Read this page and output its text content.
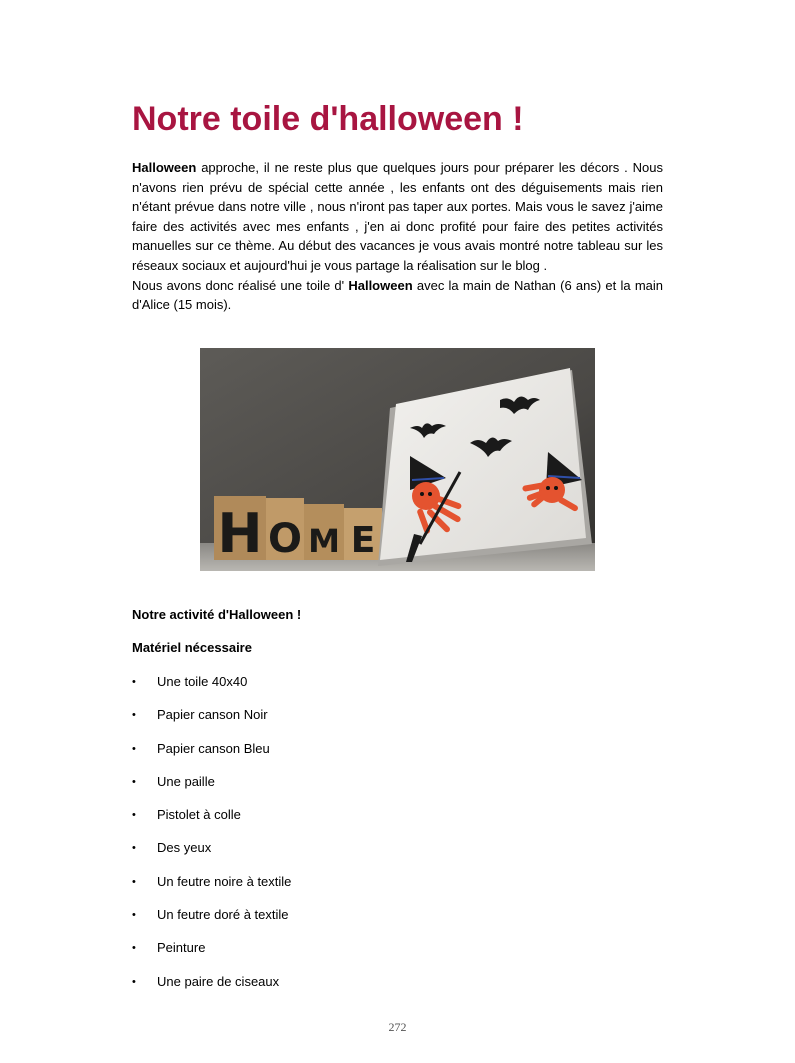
Notre toile d'halloween !

Halloween approche, il ne reste plus que quelques jours pour préparer les décors . Nous n'avons rien prévu de spécial cette année , les enfants ont des déguisements mais rien n'étant prévue dans notre ville , nous n'iront pas taper aux portes. Mais vous le savez j'aime faire des activités avec mes enfants , j'en ai donc profité pour faire des petites activités manuelles sur ce thème. Au début des vacances je vous avais montré notre tableau sur les réseaux sociaux et aujourd'hui je vous partage la réalisation sur le blog .

Nous avons donc réalisé une toile d' Halloween avec la main de Nathan (6 ans) et la main d'Alice (15 mois).

H O M E

Notre activité d'Halloween !

Matériel nécessaire

• Une toile 40x40
• Papier canson Noir
• Papier canson Bleu
• Une paille
• Pistolet à colle
• Des yeux
• Un feutre noire à textile
• Un feutre doré à textile
• Peinture
• Une paire de ciseaux
272
